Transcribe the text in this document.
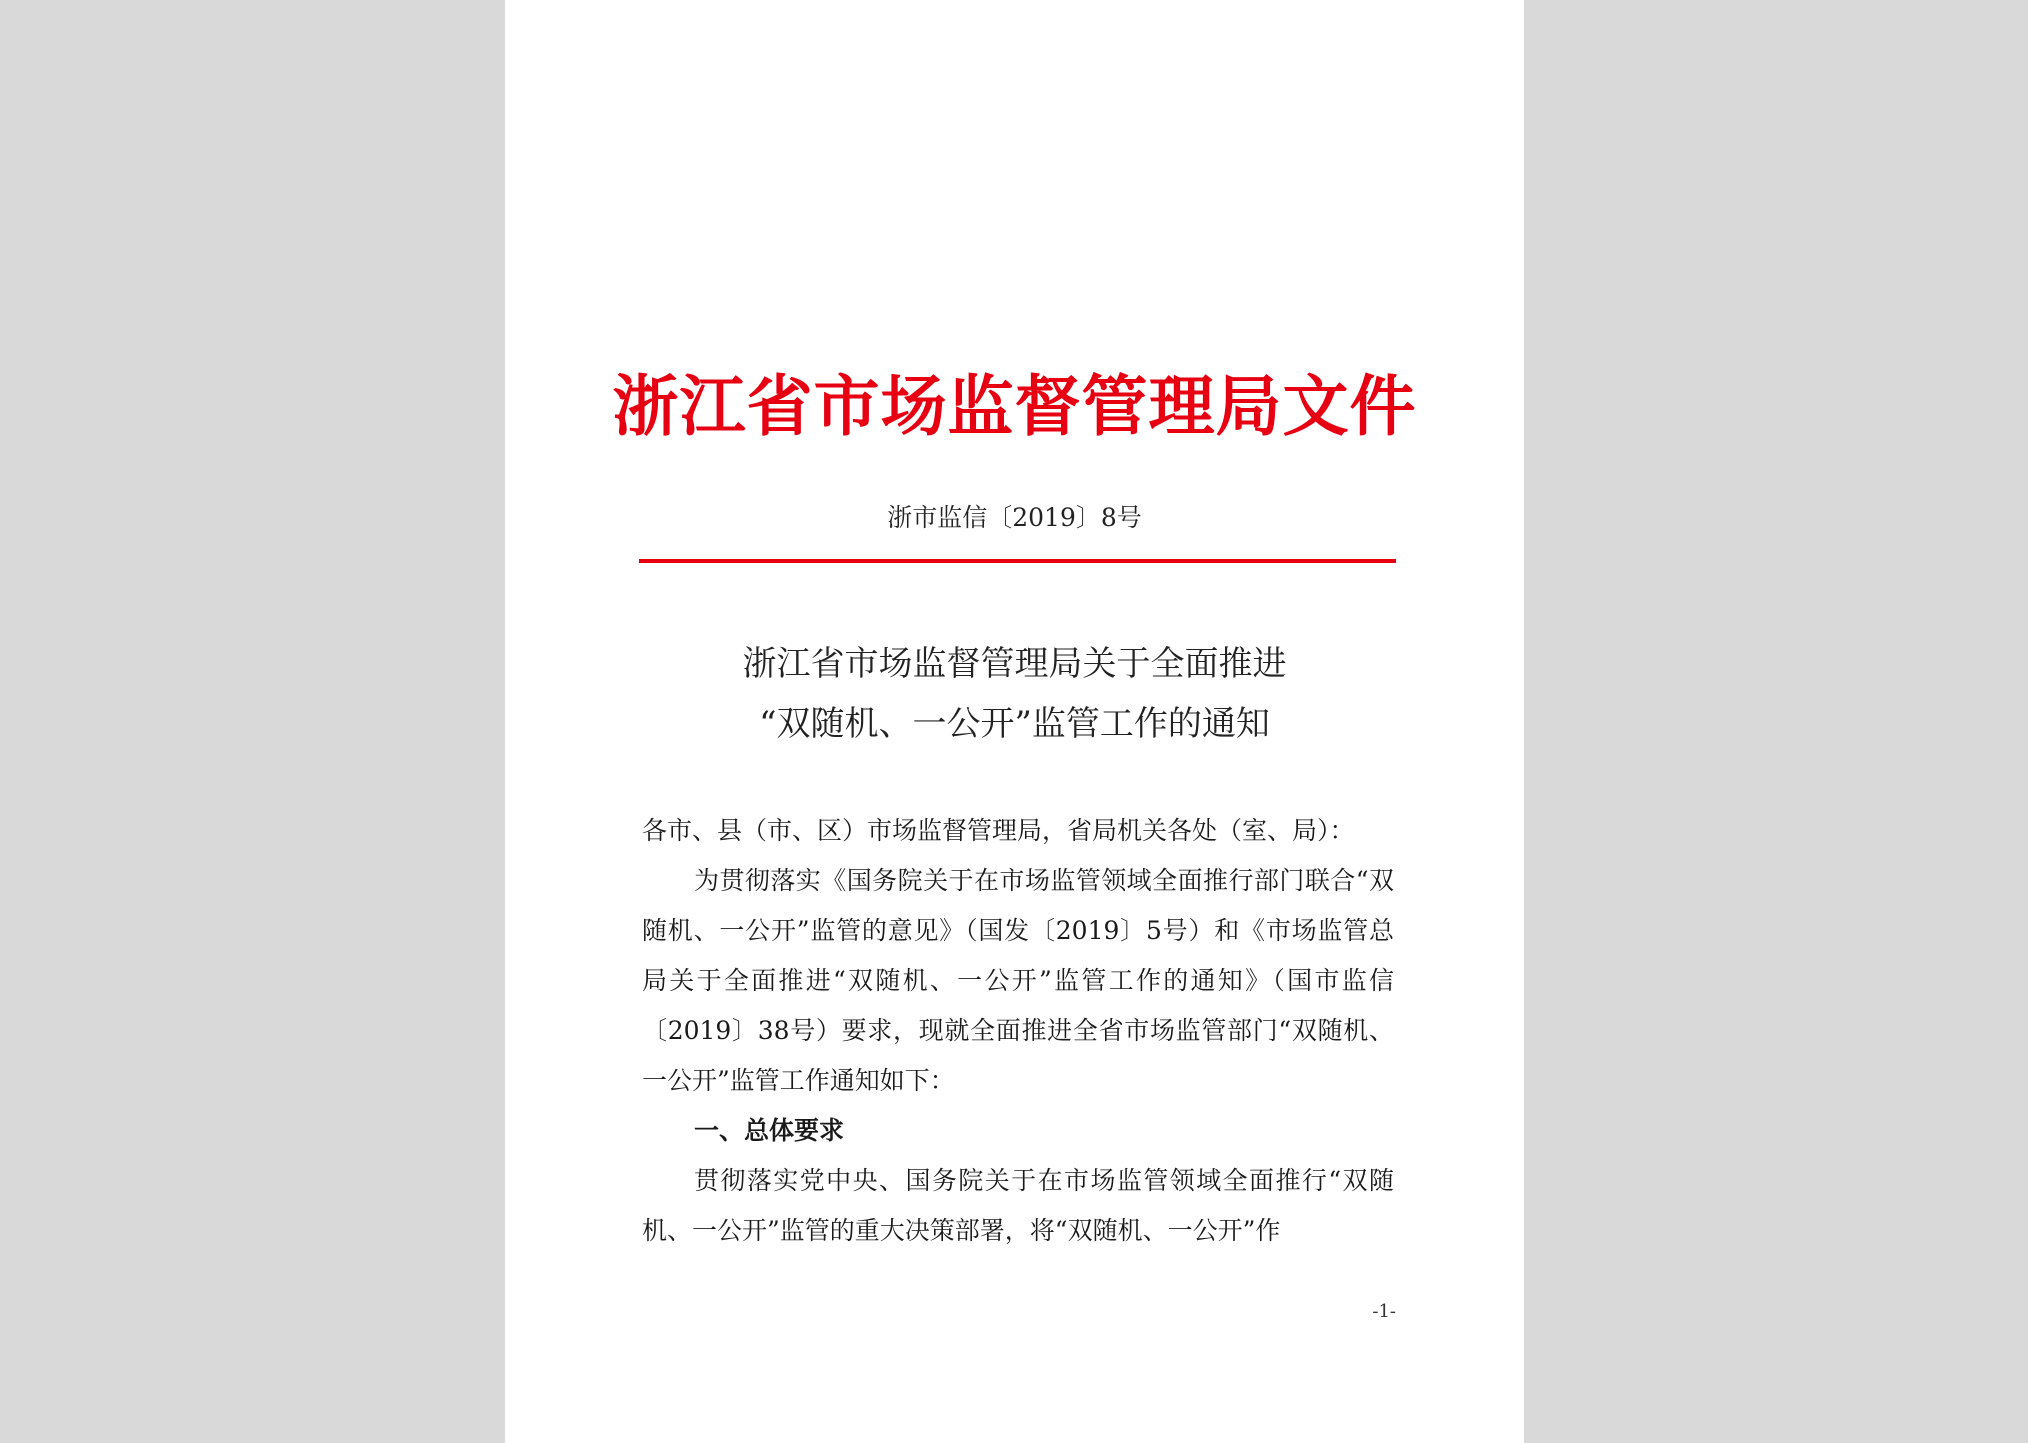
浙江省市场监督管理局文件
浙市监信〔2019〕8号
浙江省市场监督管理局关于全面推进
“双随机、一公开”监管工作的通知

各市、县（市、区）市场监督管理局，省局机关各处（室、局）：

为贯彻落实《国务院关于在市场监管领域全面推行部门联合“双随机、一公开”监管的意见》（国发〔2019〕5号）和《市场监管总局关于全面推进“双随机、一公开”监管工作的通知》（国市监信〔2019〕38号）要求，现就全面推进全省市场监管部门“双随机、一公开”监管工作通知如下：

一、总体要求

贯彻落实党中央、国务院关于在市场监管领域全面推行“双随机、一公开”监管的重大决策部署，将“双随机、一公开”作

-1-
